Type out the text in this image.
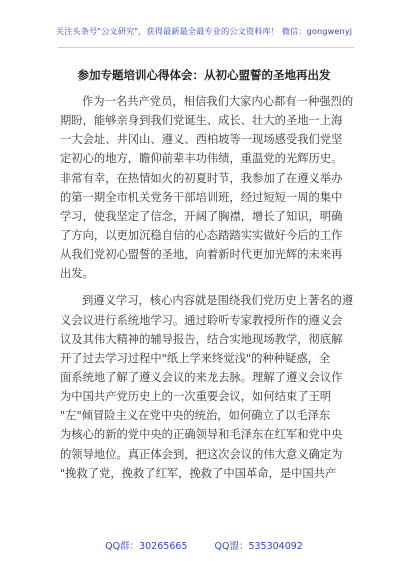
关注头条号"公文研究"，获得最新最全最专业的公文资料库！ 微信：gongwenyj
参加专题培训心得体会：从初心盟誓的圣地再出发

作为一名共产党员，相信我们大家内心都有一种强烈的
期盼，能够亲身到我们党诞生、成长、壮大的圣地一上海
一大会址、井冈山、遵义、西柏坡等一现场感受我们党坚
定初心的地方，瞻仰前辈丰功伟绩，重温党的光辉历史。
非常有幸，在热情如火的初夏时节，我参加了在遵义举办
的第一期全市机关党务干部培训班，经过短短一周的集中
学习，使我坚定了信念，开阔了胸襟，增长了知识，明确
了方向，以更加沉稳自信的心态踏踏实实做好今后的工作
从我们党初心盟誓的圣地，向着新时代更加光辉的未来再
出发。

到遵义学习，核心内容就是围绕我们党历史上著名的遵
义会议进行系统地学习。通过聆听专家教授所作的遵义会
议及其伟大精神的辅导报告，结合实地现场教学，彻底解
开了过去学习过程中"纸上学来终觉浅"的种种疑惑，全
面系统地了解了遵义会议的来龙去脉。理解了遵义会议作
为中国共产党历史上的一次重要会议，如何结束了王明
"左"倾冒险主义在党中央的统治，如何确立了以毛泽东
为核心的新的党中央的正确领导和毛泽东在红军和党中央
的领导地位。真正体会到，把这次会议的伟大意义确定为
"挽救了党，挽救了红军，挽救了中国革命，是中国共产

QQ群：30265665	QQ盟：535304092
